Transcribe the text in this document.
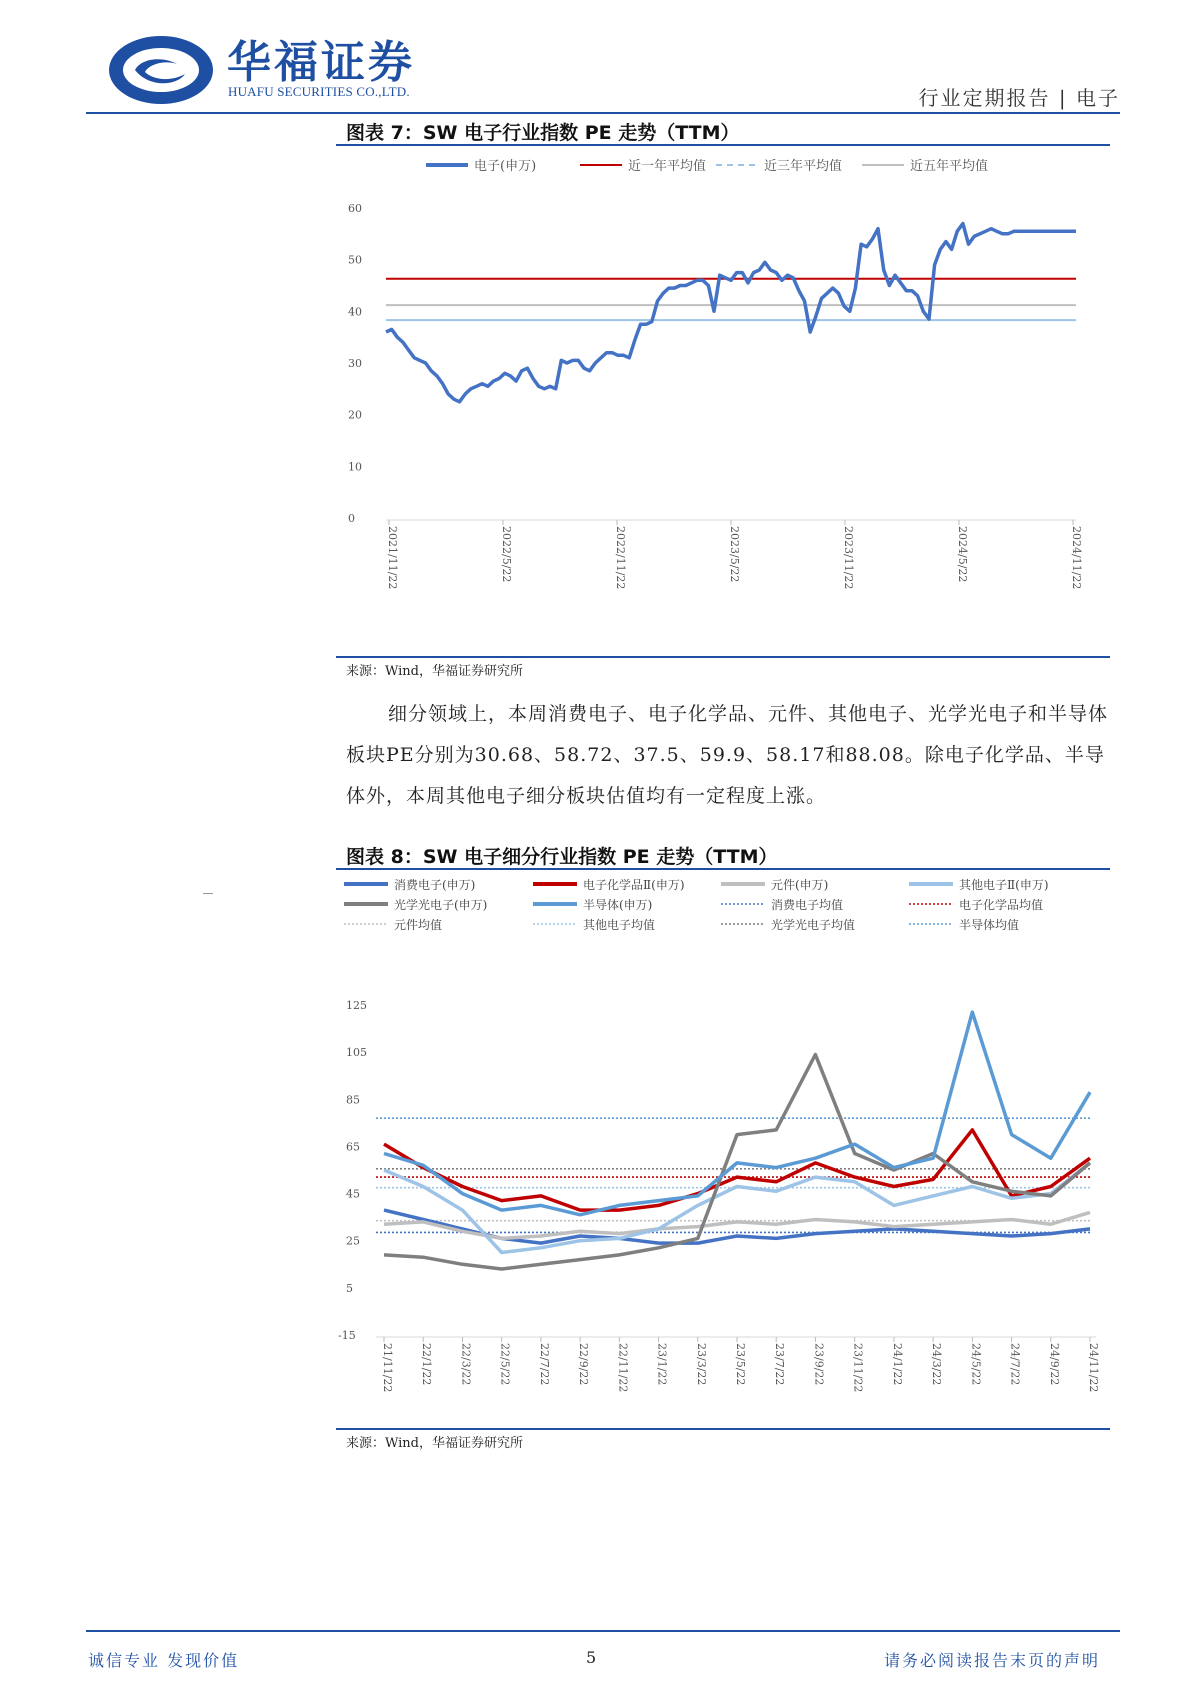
华福证券
HUAFU SECURITIES CO.,LTD.	行业定期报告 | 电子
图表 7：SW 电子行业指数 PE 走势（TTM）
电子(申万)	近一年平均值	近三年平均值	近五年平均值
0
10
20
30
40
50
60
2021/11/22	2022/5/22	2022/11/22	2023/5/22	2023/11/22	2024/5/22	2024/11/22
来源：Wind，华福证券研究所
细分领域上，本周消费电子、电子化学品、元件、其他电子、光学光电子和半导体板块PE分别为30.68、58.72、37.5、59.9、58.17和88.08。除电子化学品、半导体外，本周其他电子细分板块估值均有一定程度上涨。
图表 8：SW 电子细分行业指数 PE 走势（TTM）
消费电子(申万)	电子化学品Ⅱ(申万)	元件(申万)	其他电子Ⅱ(申万)
光学光电子(申万)	半导体(申万)	消费电子均值	电子化学品均值
元件均值	其他电子均值	光学光电子均值	半导体均值
-15
5
25
45
65
85
105
125
21/11/22 22/1/22 22/3/22 22/5/22 22/7/22 22/9/22 22/11/22 23/1/22 23/3/22 23/5/22 23/7/22 23/9/22 23/11/22 24/1/22 24/3/22 24/5/22 24/7/22 24/9/22 24/11/22
来源：Wind，华福证券研究所
诚信专业 发现价值	5	请务必阅读报告末页的声明
